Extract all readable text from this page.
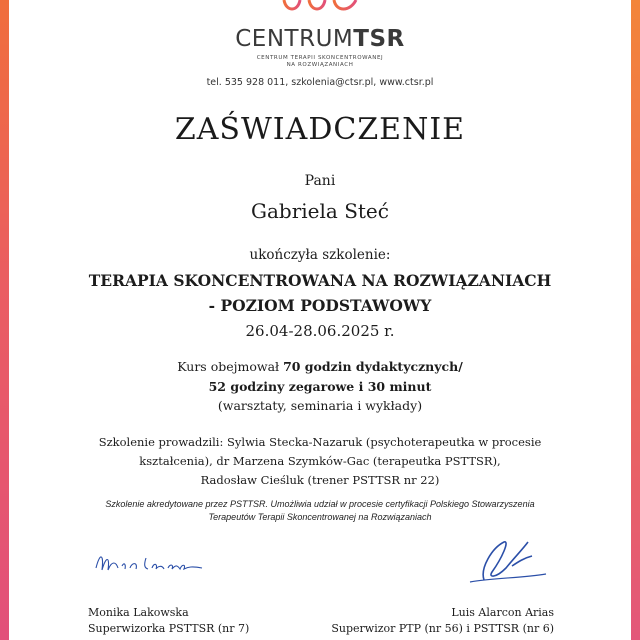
CENTRUMTSR
CENTRUM TERAPII SKONCENTROWANEJ
NA ROZWIĄZANIACH
tel. 535 928 011, szkolenia@ctsr.pl, www.ctsr.pl
ZAŚWIADCZENIE
Pani
Gabriela Steć
ukończyła szkolenie:
TERAPIA SKONCENTROWANA NA ROZWIĄZANIACH
- POZIOM PODSTAWOWY
26.04-28.06.2025 r.
Kurs obejmował 70 godzin dydaktycznych/
52 godziny zegarowe i 30 minut
(warsztaty, seminaria i wykłady)
Szkolenie prowadzili: Sylwia Stecka-Nazaruk (psychoterapeutka w procesie
kształcenia), dr Marzena Szymków-Gac (terapeutka PSTTSR),
Radosław Cieśluk (trener PSTTSR nr 22)
Szkolenie akredytowane przez PSTTSR. Umożliwia udział w procesie certyfikacji Polskiego Stowarzyszenia
Terapeutów Terapii Skoncentrowanej na Rozwiązaniach
Monika Lakowska
Superwizorka PSTTSR (nr 7)
Luis Alarcon Arias
Superwizor PTP (nr 56) i PSTTSR (nr 6)
